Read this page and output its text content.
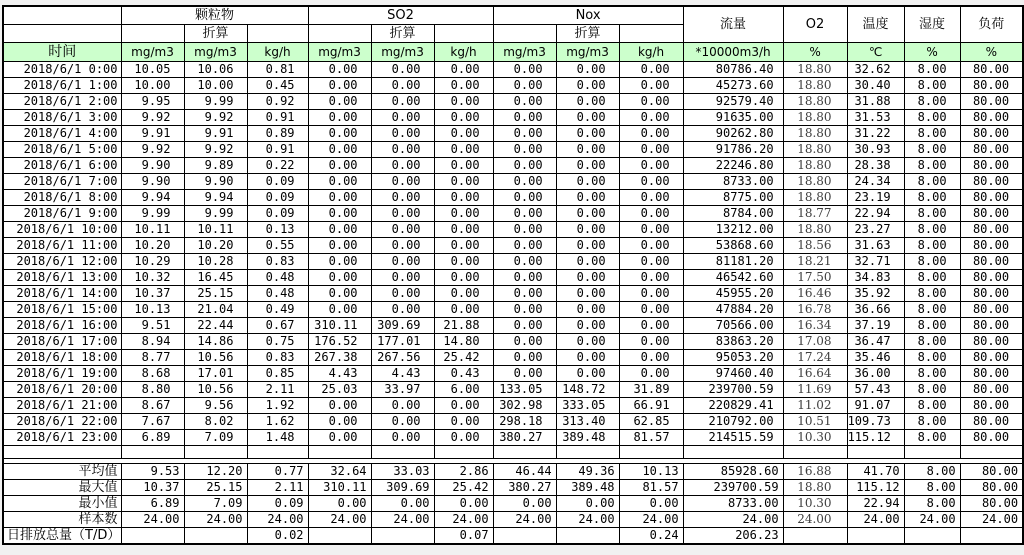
	颗粒物			SO2			Nox			流量	O2	温度	湿度	负荷
		折算			折算			折算						
时间	mg/m3	mg/m3	kg/h	mg/m3	mg/m3	kg/h	mg/m3	mg/m3	kg/h	*10000m3/h	%	℃	%	%
2018/6/1 0:00	10.05	10.06	0.81	0.00	0.00	0.00	0.00	0.00	0.00	80786.40	18.80	32.62	8.00	80.00
2018/6/1 1:00	10.00	10.00	0.45	0.00	0.00	0.00	0.00	0.00	0.00	45273.60	18.80	30.40	8.00	80.00
2018/6/1 2:00	9.95	9.99	0.92	0.00	0.00	0.00	0.00	0.00	0.00	92579.40	18.80	31.88	8.00	80.00
2018/6/1 3:00	9.92	9.92	0.91	0.00	0.00	0.00	0.00	0.00	0.00	91635.00	18.80	31.53	8.00	80.00
2018/6/1 4:00	9.91	9.91	0.89	0.00	0.00	0.00	0.00	0.00	0.00	90262.80	18.80	31.22	8.00	80.00
2018/6/1 5:00	9.92	9.92	0.91	0.00	0.00	0.00	0.00	0.00	0.00	91786.20	18.80	30.93	8.00	80.00
2018/6/1 6:00	9.90	9.89	0.22	0.00	0.00	0.00	0.00	0.00	0.00	22246.80	18.80	28.38	8.00	80.00
2018/6/1 7:00	9.90	9.90	0.09	0.00	0.00	0.00	0.00	0.00	0.00	8733.00	18.80	24.34	8.00	80.00
2018/6/1 8:00	9.94	9.94	0.09	0.00	0.00	0.00	0.00	0.00	0.00	8775.00	18.80	23.19	8.00	80.00
2018/6/1 9:00	9.99	9.99	0.09	0.00	0.00	0.00	0.00	0.00	0.00	8784.00	18.77	22.94	8.00	80.00
2018/6/1 10:00	10.11	10.11	0.13	0.00	0.00	0.00	0.00	0.00	0.00	13212.00	18.80	23.27	8.00	80.00
2018/6/1 11:00	10.20	10.20	0.55	0.00	0.00	0.00	0.00	0.00	0.00	53868.60	18.56	31.63	8.00	80.00
2018/6/1 12:00	10.29	10.28	0.83	0.00	0.00	0.00	0.00	0.00	0.00	81181.20	18.21	32.71	8.00	80.00
2018/6/1 13:00	10.32	16.45	0.48	0.00	0.00	0.00	0.00	0.00	0.00	46542.60	17.50	34.83	8.00	80.00
2018/6/1 14:00	10.37	25.15	0.48	0.00	0.00	0.00	0.00	0.00	0.00	45955.20	16.46	35.92	8.00	80.00
2018/6/1 15:00	10.13	21.04	0.49	0.00	0.00	0.00	0.00	0.00	0.00	47884.20	16.78	36.66	8.00	80.00
2018/6/1 16:00	9.51	22.44	0.67	310.11	309.69	21.88	0.00	0.00	0.00	70566.00	16.34	37.19	8.00	80.00
2018/6/1 17:00	8.94	14.86	0.75	176.52	177.01	14.80	0.00	0.00	0.00	83863.20	17.08	36.47	8.00	80.00
2018/6/1 18:00	8.77	10.56	0.83	267.38	267.56	25.42	0.00	0.00	0.00	95053.20	17.24	35.46	8.00	80.00
2018/6/1 19:00	8.68	17.01	0.85	4.43	4.43	0.43	0.00	0.00	0.00	97460.40	16.64	36.00	8.00	80.00
2018/6/1 20:00	8.80	10.56	2.11	25.03	33.97	6.00	133.05	148.72	31.89	239700.59	11.69	57.43	8.00	80.00
2018/6/1 21:00	8.67	9.56	1.92	0.00	0.00	0.00	302.98	333.05	66.91	220829.41	11.02	91.07	8.00	80.00
2018/6/1 22:00	7.67	8.02	1.62	0.00	0.00	0.00	298.18	313.40	62.85	210792.00	10.51	109.73	8.00	80.00
2018/6/1 23:00	6.89	7.09	1.48	0.00	0.00	0.00	380.27	389.48	81.57	214515.59	10.30	115.12	8.00	80.00

平均值	9.53	12.20	0.77	32.64	33.03	2.86	46.44	49.36	10.13	85928.60	16.88	41.70	8.00	80.00
最大值	10.37	25.15	2.11	310.11	309.69	25.42	380.27	389.48	81.57	239700.59	18.80	115.12	8.00	80.00
最小值	6.89	7.09	0.09	0.00	0.00	0.00	0.00	0.00	0.00	8733.00	10.30	22.94	8.00	80.00
样本数	24.00	24.00	24.00	24.00	24.00	24.00	24.00	24.00	24.00	24.00	24.00	24.00	24.00	24.00
日排放总量（T/D）			0.02			0.07			0.24	206.23				
